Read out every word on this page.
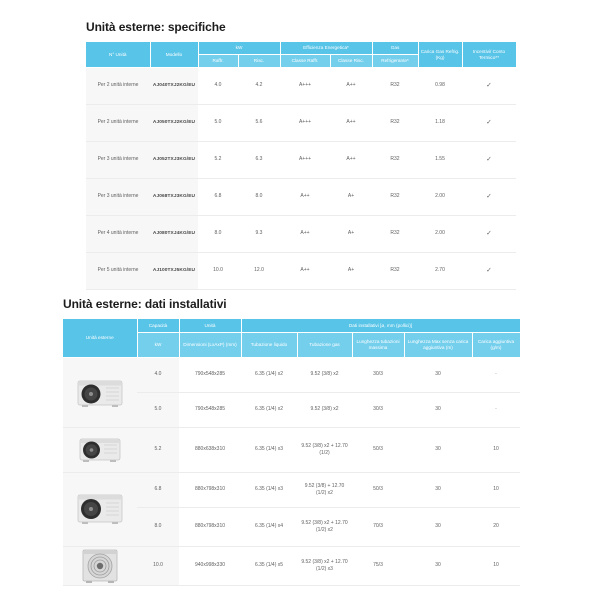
Unità esterne: specifiche
N° Unità	Modello	kW		Efficienza Energetica*		Gas	Carica Gas Refrig. (Kg)	Incentivi/ Conto Termico**
		Raffr.	Risc.	Classe Raffr.	Classe Risc.	Refrigerante*		
Per 2 unità interne	AJ040TXJ2KG/EU	4.0	4.2	A+++	A++	R32	0.98	✓
Per 2 unità interne	AJ050TXJ2KG/EU	5.0	5.6	A+++	A++	R32	1.18	✓
Per 3 unità interne	AJ052TXJ3KG/EU	5.2	6.3	A+++	A++	R32	1.55	✓
Per 3 unità interne	AJ068TXJ3KG/EU	6.8	8.0	A++	A+	R32	2.00	✓
Per 4 unità interne	AJ080TXJ4KG/EU	8.0	9.3	A++	A+	R32	2.00	✓
Per 5 unità interne	AJ100TXJ5KG/EU	10.0	12.0	A++	A+	R32	2.70	✓
Unità esterne: dati installativi
Unità esterne	Capacità	Unità	Dati installativi [ø, mm (pollici)]				
	kW	Dimensioni (LxAxP) (mm)	Tubazione liquido	Tubazione gas	Lunghezza tubazioni massima	Lunghezza Max senza carica aggiuntiva (m)	Carica aggiuntiva (g/m)

	4.0	790x548x285	6.35 (1/4) x2	9.52 (3/8) x2	30/3	30	-
	5.0	790x548x285	6.35 (1/4) x2	9.52 (3/8) x2	30/3	30	-

	5.2	880x638x310	6.35 (1/4) x3	9.52 (3/8) x2 + 12.70 (1/2)	50/3	30	10

	6.8	880x798x310	6.35 (1/4) x3	9.52 (3/8) + 12.70 (1/2) x2	50/3	30	10
	8.0	880x798x310	6.35 (1/4) x4	9.52 (3/8) x2 + 12.70 (1/2) x2	70/3	30	20

	10.0	940x998x330	6.35 (1/4) x5	9.52 (3/8) x2 + 12.70 (1/2) x3	75/3	30	10
